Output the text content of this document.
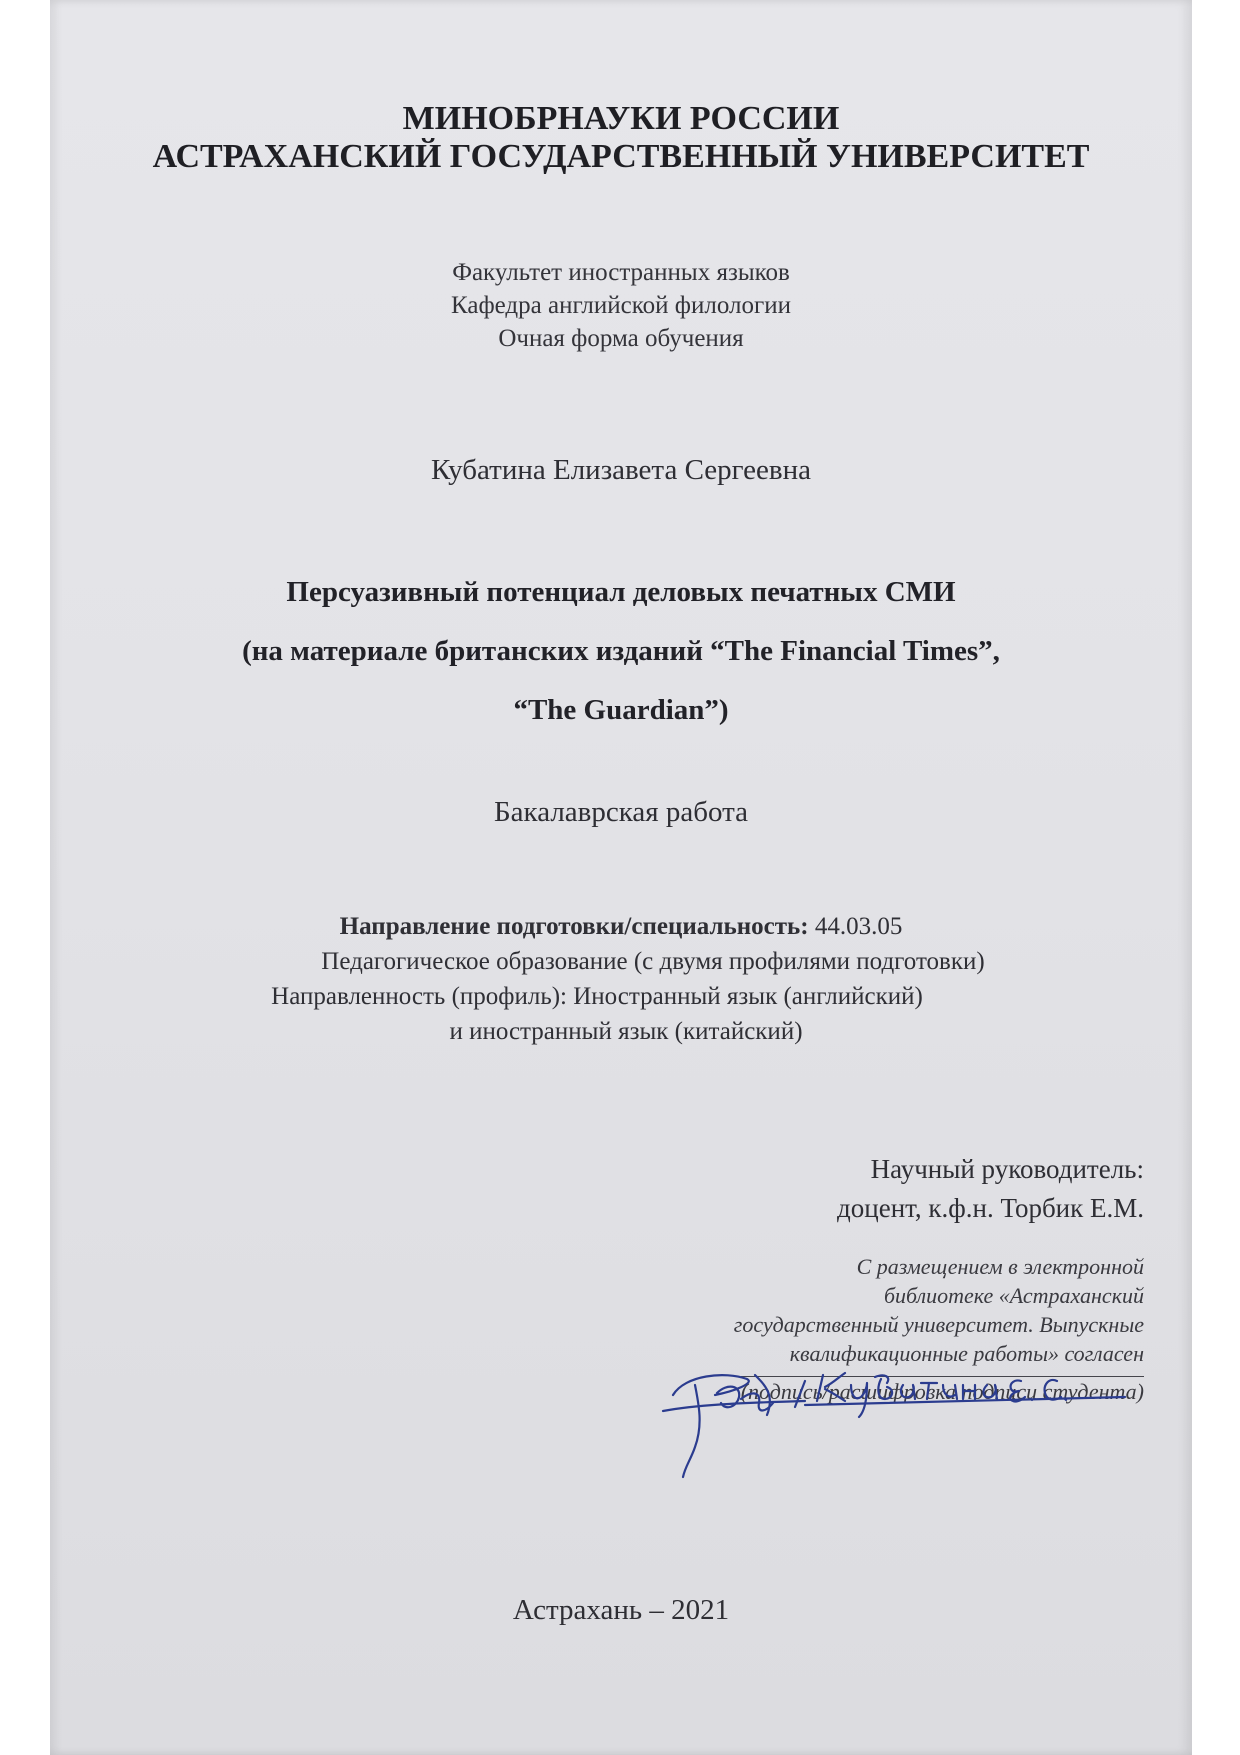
МИНОБРНАУКИ РОССИИ
АСТРАХАНСКИЙ ГОСУДАРСТВЕННЫЙ УНИВЕРСИТЕТ
Факультет иностранных языков
Кафедра английской филологии
Очная форма обучения
Кубатина Елизавета Сергеевна
Персуазивный потенциал деловых печатных СМИ
(на материале британских изданий “The Financial Times”,
“The Guardian”)
Бакалаврская работа
Направление подготовки/специальность: 44.03.05
Педагогическое образование (с двумя профилями подготовки)
Направленность (профиль): Иностранный язык (английский)
и иностранный язык (китайский)
Научный руководитель:
доцент, к.ф.н. Торбик Е.М.
С размещением в электронной
библиотеке «Астраханский
государственный университет. Выпускные
квалификационные работы» согласен
(подпись/расшифровка подписи студента)
Астрахань – 2021
